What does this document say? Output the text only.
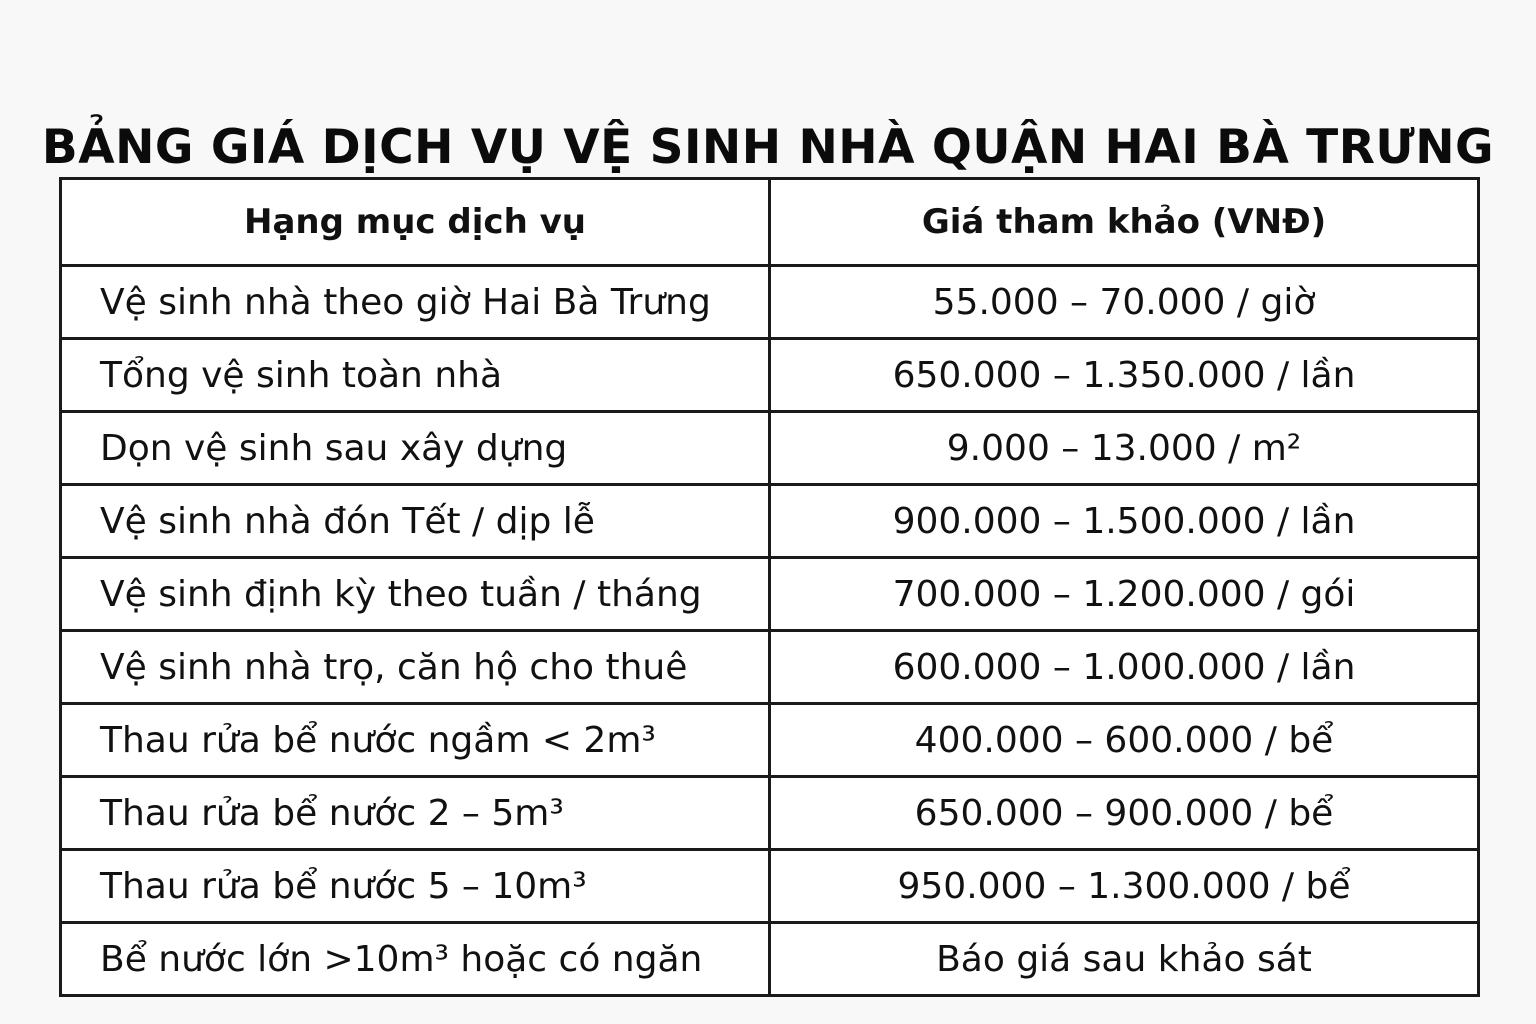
BẢNG GIÁ DỊCH VỤ VỆ SINH NHÀ QUẬN HAI BÀ TRƯNG
Hạng mục dịch vụ	Giá tham khảo (VNĐ)
Vệ sinh nhà theo giờ Hai Bà Trưng	55.000 – 70.000 / giờ
Tổng vệ sinh toàn nhà	650.000 – 1.350.000 / lần
Dọn vệ sinh sau xây dựng	9.000 – 13.000 / m²
Vệ sinh nhà đón Tết / dịp lễ	900.000 – 1.500.000 / lần
Vệ sinh định kỳ theo tuần / tháng	700.000 – 1.200.000 / gói
Vệ sinh nhà trọ, căn hộ cho thuê	600.000 – 1.000.000 / lần
Thau rửa bể nước ngầm < 2m³	400.000 – 600.000 / bể
Thau rửa bể nước 2 – 5m³	650.000 – 900.000 / bể
Thau rửa bể nước 5 – 10m³	950.000 – 1.300.000 / bể
Bể nước lớn >10m³ hoặc có ngăn	Báo giá sau khảo sát
